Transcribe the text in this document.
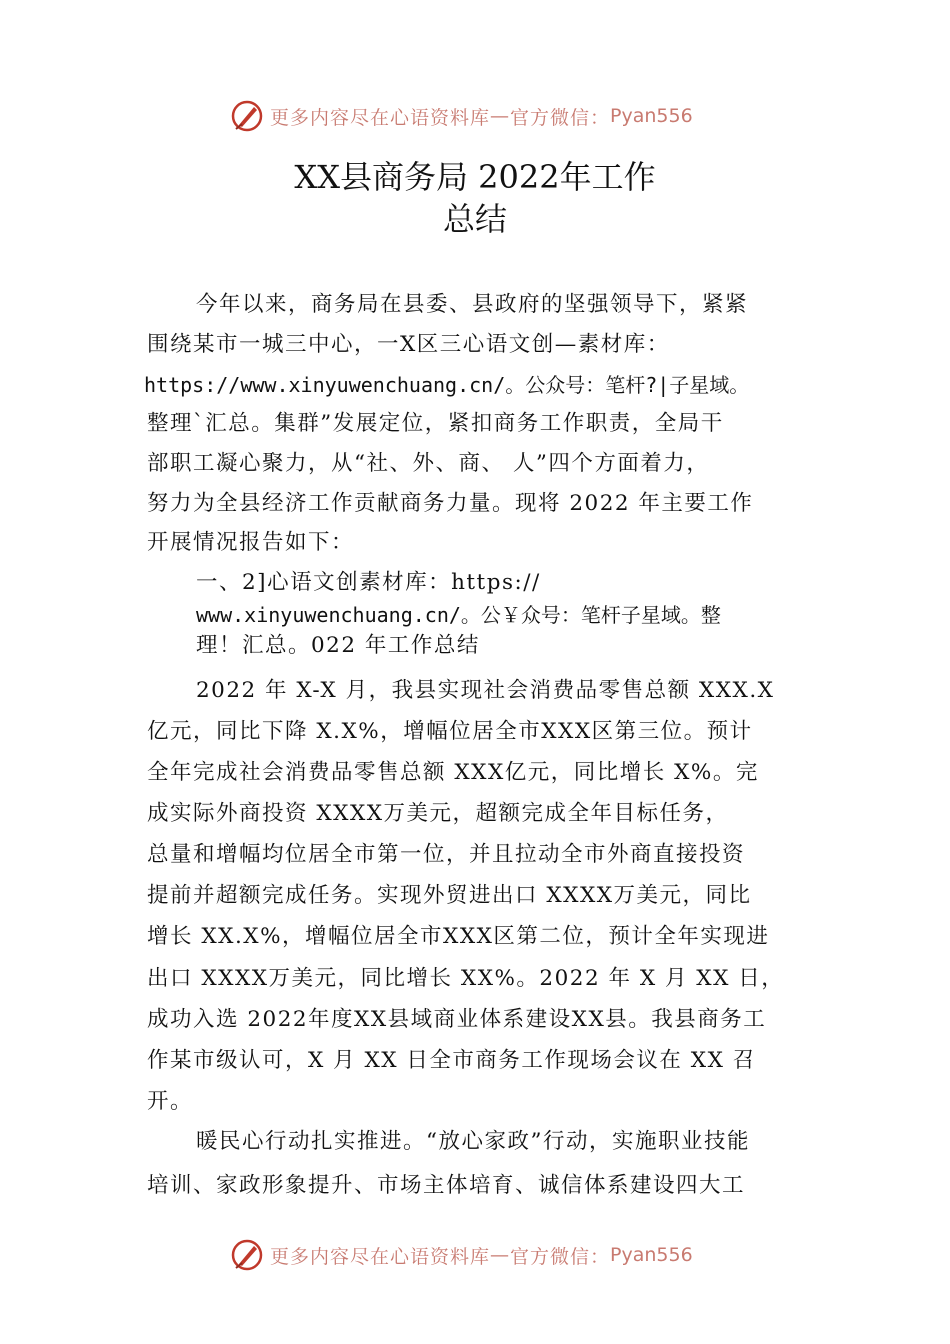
更多内容尽在心语资料库 — 官方微信： Pyan556
XX县商务局 2022年工作
总结
今年以来，商务局在县委、县政府的坚强领导下，紧紧
围绕某市一城三中心，一X区三心语文创—素材库：
https://www.xinyuwenchuang.cn/。公众号：笔杆?|子星域。
整理`汇总。集群”发展定位，紧扣商务工作职责，全局干
部职工凝心聚力，从“社、外、商、 人”四个方面着力，
努力为全县经济工作贡献商务力量。现将 2022 年主要工作
开展情况报告如下：
一、2]心语文创素材库：https://
www.xinyuwenchuang.cn/。公￥众号：笔杆子星域。整
理！汇总。022 年工作总结
2022 年 X-X 月，我县实现社会消费品零售总额 XXX.X
亿元，同比下降 X.X%，增幅位居全市XXX区第三位。预计
全年完成社会消费品零售总额 XXX亿元，同比增长 X%。完
成实际外商投资 XXXX万美元，超额完成全年目标任务，
总量和增幅均位居全市第一位，并且拉动全市外商直接投资
提前并超额完成任务。实现外贸进出口 XXXX万美元，同比
增长 XX.X%，增幅位居全市XXX区第二位，预计全年实现进
出口 XXXX万美元，同比增长 XX%。2022 年 X 月 XX 日，
成功入选 2022年度XX县域商业体系建设XX县。我县商务工
作某市级认可，X 月 XX 日全市商务工作现场会议在 XX 召
开。
暖民心行动扎实推进。“放心家政”行动，实施职业技能
培训、家政形象提升、市场主体培育、诚信体系建设四大工
更多内容尽在心语资料库 — 官方微信： Pyan556
